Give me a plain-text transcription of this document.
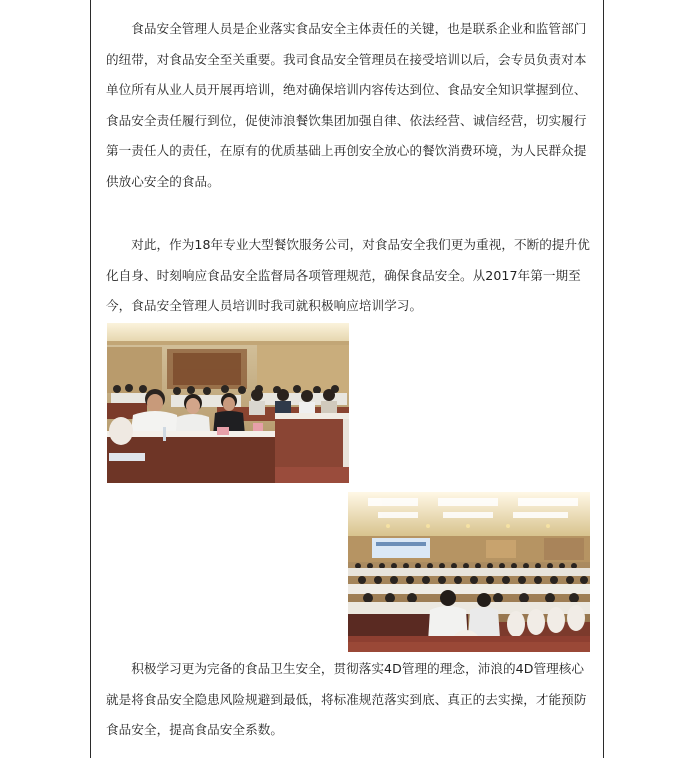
食品安全管理人员是企业落实食品安全主体责任的关键，也是联系企业和监管部门的纽带，对食品安全至关重要。我司食品安全管理员在接受培训以后，会专员负责对本单位所有从业人员开展再培训，绝对确保培训内容传达到位、食品安全知识掌握到位、食品安全责任履行到位，促使沛浪餐饮集团加强自律、依法经营、诚信经营，切实履行第一责任人的责任，在原有的优质基础上再创安全放心的餐饮消费环境，为人民群众提供放心安全的食品。

对此，作为18年专业大型餐饮服务公司，对食品安全我们更为重视，不断的提升优化自身、时刻响应食品安全监督局各项管理规范，确保食品安全。从2017年第一期至今，食品安全管理人员培训时我司就积极响应培训学习。

积极学习更为完备的食品卫生安全，贯彻落实4D管理的理念，沛浪的4D管理核心就是将食品安全隐患风险规避到最低，将标准规范落实到底、真正的去实操，才能预防食品安全，提高食品安全系数。
